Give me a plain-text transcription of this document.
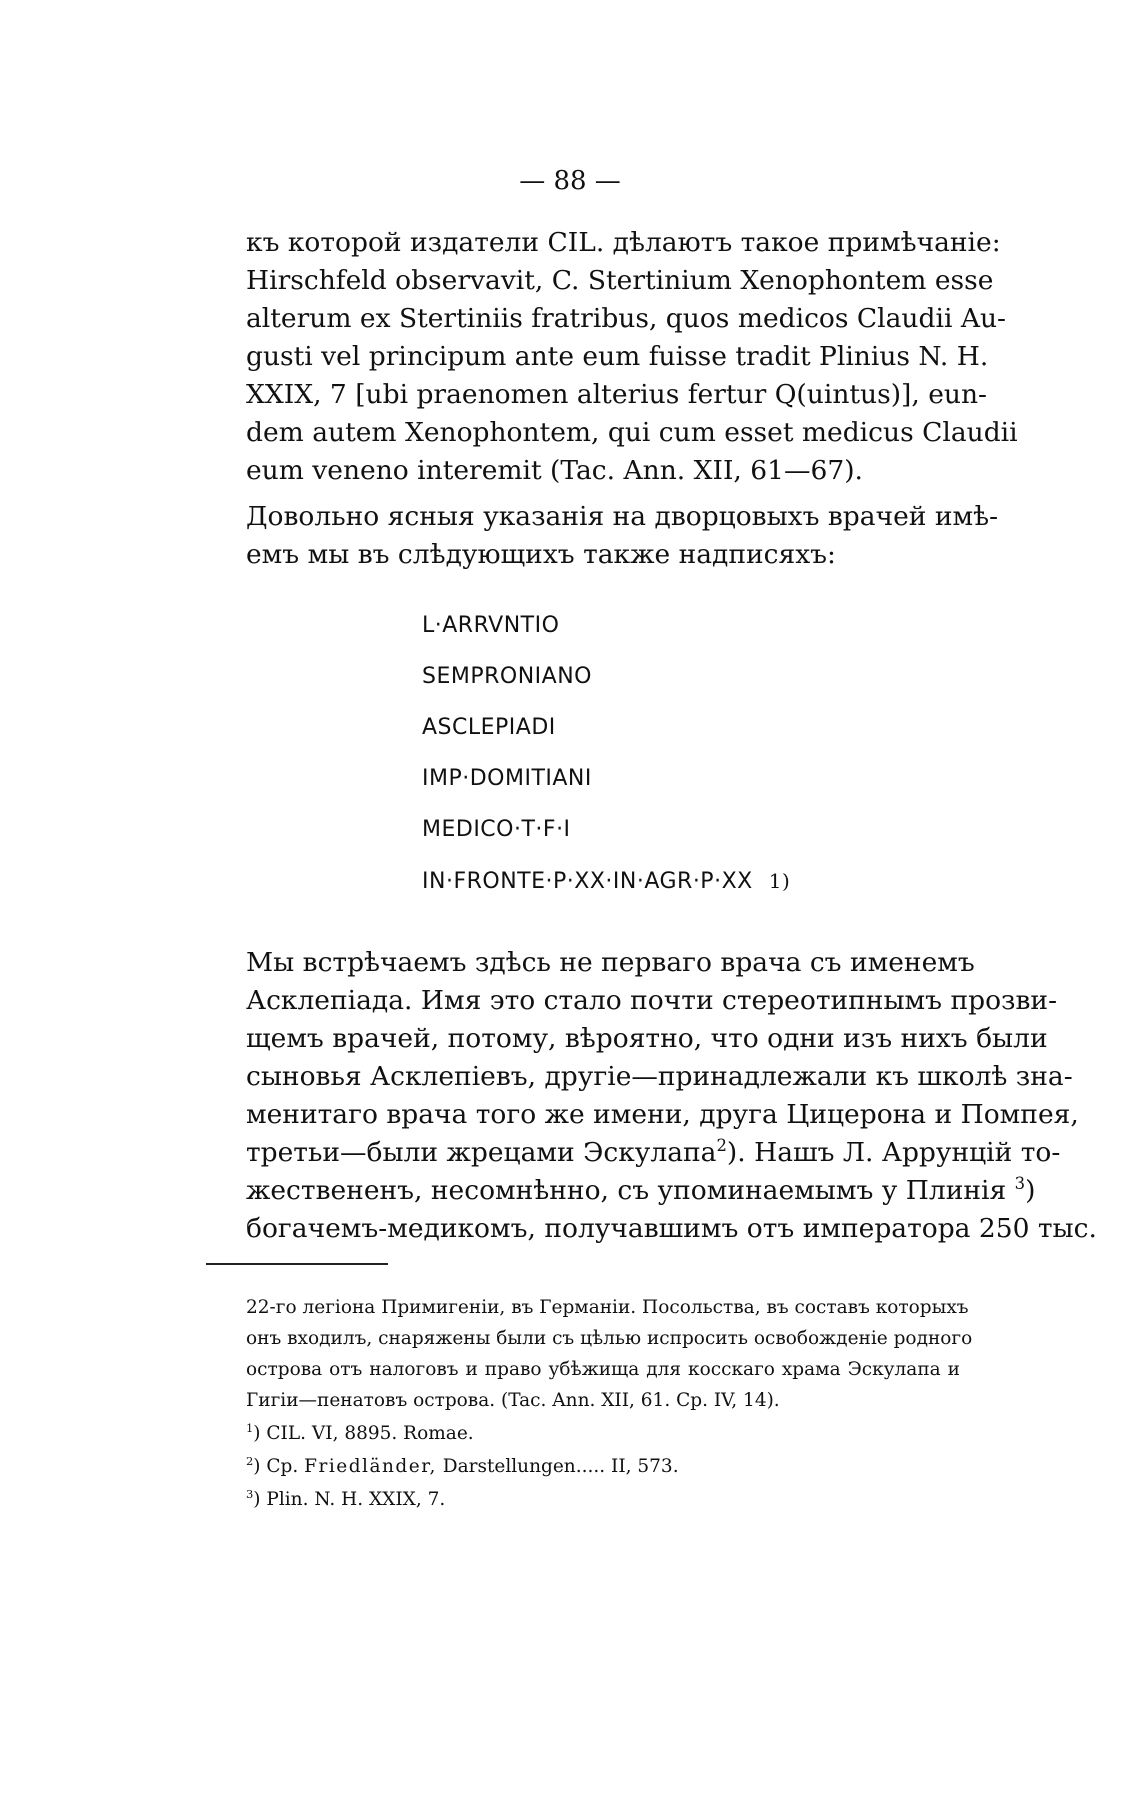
— 88 —
къ которой издатели CIL. дѣлаютъ такое примѣчаніе:
Hirschfeld observavit, C. Stertinium Xenophontem esse
alterum ex Stertiniis fratribus, quos medicos Claudii Au-
gusti vel principum ante eum fuisse tradit Plinius N. H.
XXIX, 7 [ubi praenomen alterius fertur Q(uintus)], eun-
dem autem Xenophontem, qui cum esset medicus Claudii
eum veneno interemit (Tac. Ann. XII, 61—67).
Довольно ясныя указанія на дворцовыхъ врачей имѣ-
емъ мы въ слѣдующихъ также надписяхъ:
L·ARRVNTIO
SEMPRONIANO
ASCLEPIADI
IMP·DOMITIANI
MEDICO·T·F·I
IN·FRONTE·P·XX·IN·AGR·P·XX 1)
Мы встрѣчаемъ здѣсь не перваго врача съ именемъ
Асклепіада. Имя это стало почти стереотипнымъ прозви-
щемъ врачей, потому, вѣроятно, что одни изъ нихъ были
сыновья Асклепіевъ, другіе—принадлежали къ школѣ зна-
менитаго врача того же имени, друга Цицерона и Помпея,
третьи—были жрецами Эскулапа$^2$). Нашъ Л. Аррунцій то-
жествененъ, несомнѣнно, съ упоминаемымъ у Плинія $^3$)
богачемъ-медикомъ, получавшимъ отъ императора 250 тыс.
22-го легіона Примигеніи, въ Германіи. Посольства, въ составъ которыхъ
онъ входилъ, снаряжены были съ цѣлью испросить освобожденіе родного
острова отъ налоговъ и право убѣжища для косскаго храма Эскулапа и
Гигіи—пенатовъ острова. (Tac. Ann. XII, 61. Ср. IV, 14).
$^1$) CIL. VI, 8895. Romae.
$^2$) Ср. Friedländer, Darstellungen..... II, 573.
$^3$) Plin. N. H. XXIX, 7.
